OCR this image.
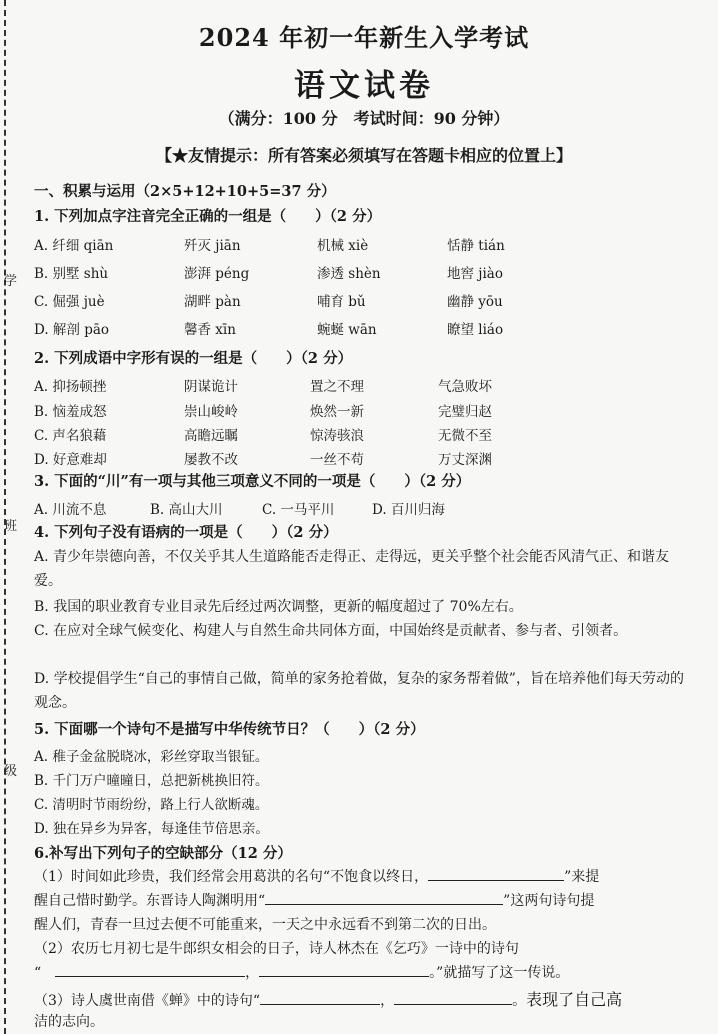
学
班
级
2024 年初一年新生入学考试
语文试卷
（满分：100 分　考试时间：90 分钟）
【★友情提示：所有答案必须填写在答题卡相应的位置上】
一、积累与运用（2×5+12+10+5=37 分）
1. 下列加点字注音完全正确的一组是（　　）（2 分）
A. 纤细 qiān	歼灭 jiān	机械 xiè	恬静 tián
B. 别墅 shù	澎湃 péng	渗透 shèn	地窖 jiào
C. 倔强 juè	湖畔 pàn	哺育 bǔ	幽静 yōu
D. 解剖 pāo	馨香 xīn	蜿蜒 wān	瞭望 liáo
2. 下列成语中字形有误的一组是（　　）（2 分）
A. 抑扬顿挫	阴谋诡计	置之不理	气急败坏
B. 恼羞成怒	崇山峻岭	焕然一新	完璧归赵
C. 声名狼藉	高瞻远瞩	惊涛骇浪	无微不至
D. 好意难却	屡教不改	一丝不苟	万丈深渊
3. 下面的“川”有一项与其他三项意义不同的一项是（　　）（2 分）
A. 川流不息	B. 高山大川	C. 一马平川	D. 百川归海
4. 下列句子没有语病的一项是（　　）（2 分）
A. 青少年崇德向善，不仅关乎其人生道路能否走得正、走得远，更关乎整个社会能否风清气正、和谐友爱。
B. 我国的职业教育专业目录先后经过两次调整，更新的幅度超过了 70%左右。
C. 在应对全球气候变化、构建人与自然生命共同体方面，中国始终是贡献者、参与者、引领者。
D. 学校提倡学生“自己的事情自己做，简单的家务抢着做，复杂的家务帮着做”，旨在培养他们每天劳动的观念。
5. 下面哪一个诗句不是描写中华传统节日？（　　）（2 分）
A. 稚子金盆脱晓冰，彩丝穿取当银钲。
B. 千门万户曈曈日，总把新桃换旧符。
C. 清明时节雨纷纷，路上行人欲断魂。
D. 独在异乡为异客，每逢佳节倍思亲。
6.补写出下列句子的空缺部分（12 分）
（1）时间如此珍贵，我们经常会用葛洪的名句“不饱食以终日，	”来提
醒自己惜时勤学。东晋诗人陶渊明用“	”这两句诗句提
醒人们，青春一旦过去便不可能重来，一天之中永远看不到第二次的日出。
（2）农历七月初七是牛郎织女相会的日子，诗人林杰在《乞巧》一诗中的诗句
“　	，	。”就描写了这一传说。
（3）诗人虞世南借《蝉》中的诗句“	，	。表现了自己高
洁的志向。
